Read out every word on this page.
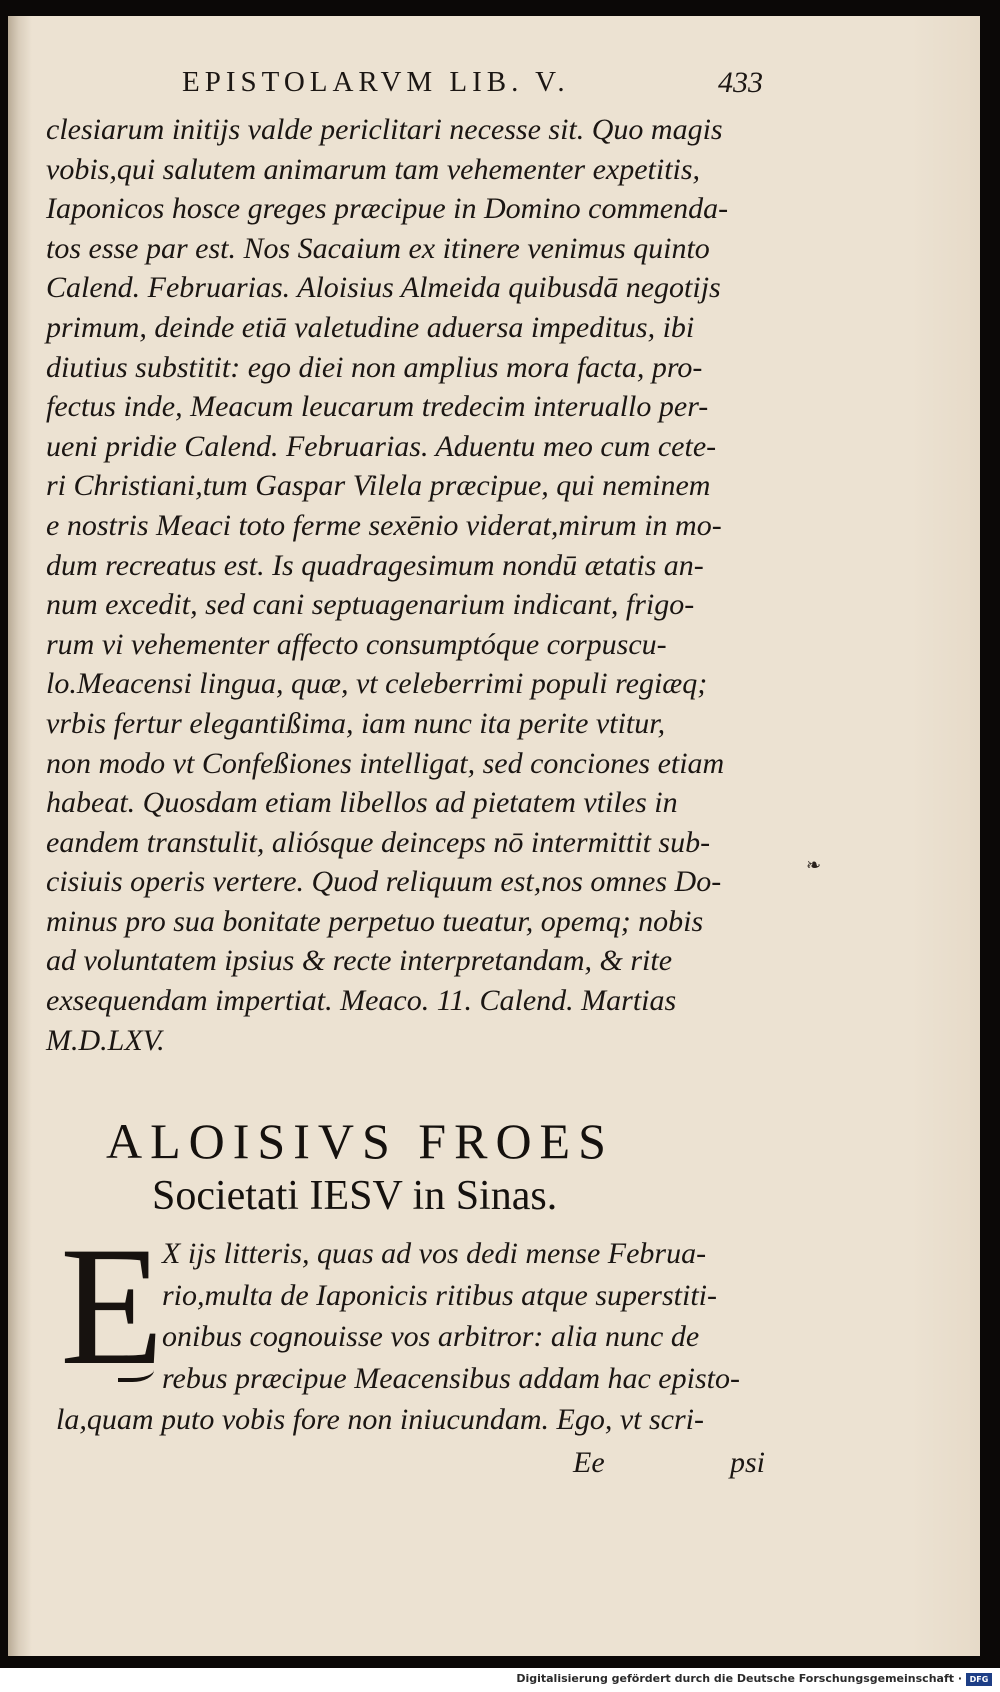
EPISTOLARVM LIB. V.	433
clesiarum initijs valde periclitari necesse sit. Quo magis
vobis,qui salutem animarum tam vehementer expetitis,
Iaponicos hosce greges præcipue in Domino commenda-
tos esse par est. Nos Sacaium ex itinere venimus quinto
Calend. Februarias. Aloisius Almeida quibusdā negotijs
primum, deinde etiā valetudine aduersa impeditus, ibi
diutius substitit: ego diei non amplius mora facta, pro-
fectus inde, Meacum leucarum tredecim interuallo per-
ueni pridie Calend. Februarias. Aduentu meo cum cete-
ri Christiani,tum Gaspar Vilela præcipue, qui neminem
e nostris Meaci toto ferme sexēnio viderat,mirum in mo-
dum recreatus est. Is quadragesimum nondū ætatis an-
num excedit, sed cani septuagenarium indicant, frigo-
rum vi vehementer affecto consumptóque corpuscu-
lo.Meacensi lingua, quæ, vt celeberrimi populi regiæq;
vrbis fertur elegantißima, iam nunc ita perite vtitur,
non modo vt Confeßiones intelligat, sed conciones etiam
habeat. Quosdam etiam libellos ad pietatem vtiles in
eandem transtulit, aliósque deinceps nō intermittit sub-
cisiuis operis vertere. Quod reliquum est,nos omnes Do-
minus pro sua bonitate perpetuo tueatur, opemq; nobis
ad voluntatem ipsius & recte interpretandam, & rite
exsequendam impertiat. Meaco. 11. Calend. Martias
M.D.LXV.
❧
ALOISIVS FROES
Societati IESV in Sinas.
E
X ijs litteris, quas ad vos dedi mense Februa-
rio,multa de Iaponicis ritibus atque superstiti-
onibus cognouisse vos arbitror: alia nunc de
rebus præcipue Meacensibus addam hac episto-
la,quam puto vobis fore non iniucundam. Ego, vt scri-
Ee	psi
Digitalisierung gefördert durch die Deutsche Forschungsgemeinschaft · DFG
